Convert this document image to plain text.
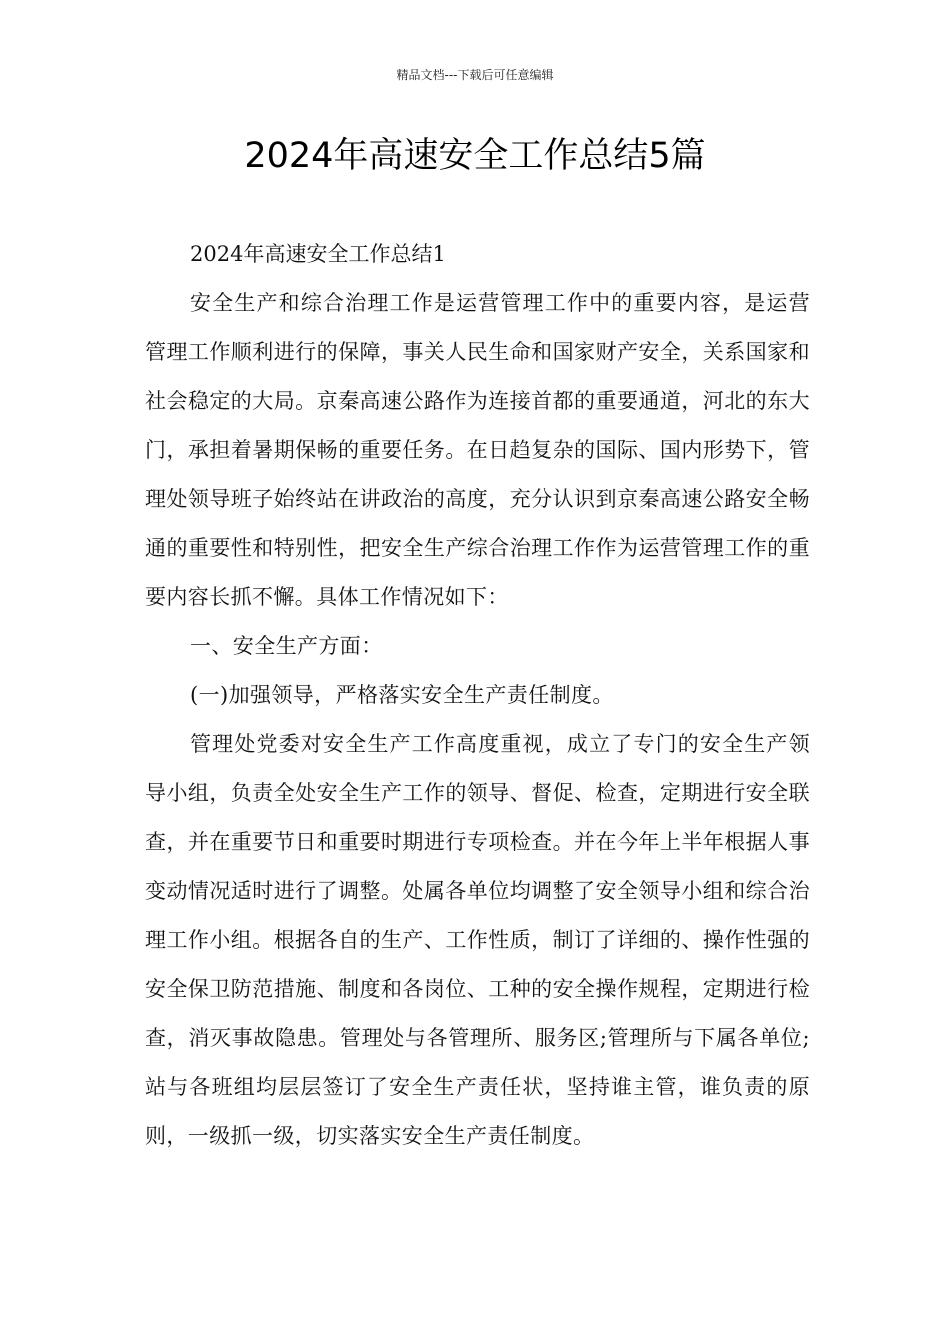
精品文档---下载后可任意编辑
2024年高速安全工作总结5篇
2024年高速安全工作总结1

安全生产和综合治理工作是运营管理工作中的重要内容，是运营管理工作顺利进行的保障，事关人民生命和国家财产安全，关系国家和社会稳定的大局。京秦高速公路作为连接首都的重要通道，河北的东大门，承担着暑期保畅的重要任务。在日趋复杂的国际、国内形势下，管理处领导班子始终站在讲政治的高度，充分认识到京秦高速公路安全畅通的重要性和特别性，把安全生产综合治理工作作为运营管理工作的重要内容长抓不懈。具体工作情况如下：

一、安全生产方面：

(一)加强领导，严格落实安全生产责任制度。

管理处党委对安全生产工作高度重视，成立了专门的安全生产领导小组，负责全处安全生产工作的领导、督促、检查，定期进行安全联查，并在重要节日和重要时期进行专项检查。并在今年上半年根据人事变动情况适时进行了调整。处属各单位均调整了安全领导小组和综合治理工作小组。根据各自的生产、工作性质，制订了详细的、操作性强的安全保卫防范措施、制度和各岗位、工种的安全操作规程，定期进行检查，消灭事故隐患。管理处与各管理所、服务区;管理所与下属各单位;站与各班组均层层签订了安全生产责任状，坚持谁主管，谁负责的原则，一级抓一级，切实落实安全生产责任制度。
